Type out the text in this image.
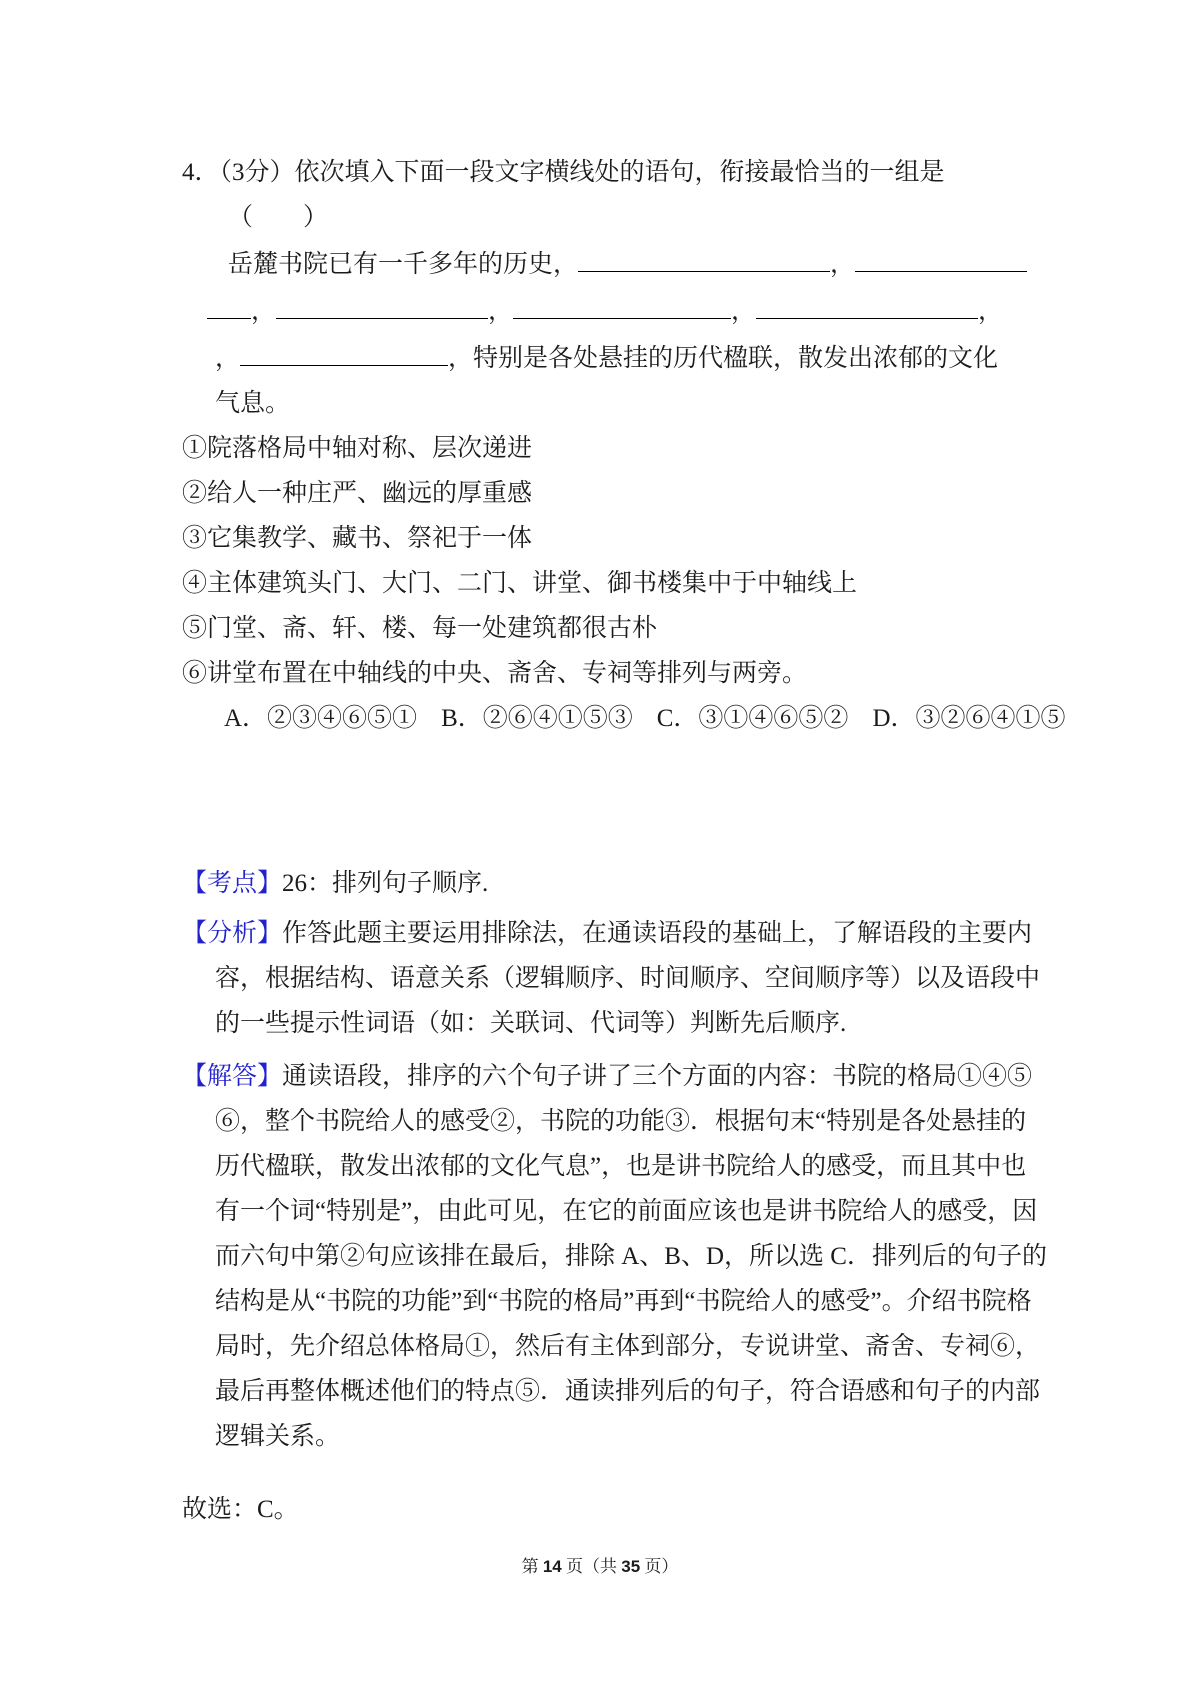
4．（3分）依次填入下面一段文字横线处的语句，衔接最恰当的一组是
（　　）
岳麓书院已有一千多年的历史，	，
，	，	，	，
，	，特别是各处悬挂的历代楹联，散发出浓郁的文化
气息。
①院落格局中轴对称、层次递进
②给人一种庄严、幽远的厚重感
③它集教学、藏书、祭祀于一体
④主体建筑头门、大门、二门、讲堂、御书楼集中于中轴线上
⑤门堂、斋、轩、楼、每一处建筑都很古朴
⑥讲堂布置在中轴线的中央、斋舍、专祠等排列与两旁。
A．②③④⑥⑤① B．②⑥④①⑤③ C．③①④⑥⑤② D．③②⑥④①⑤
【考点】26：排列句子顺序.
【分析】作答此题主要运用排除法，在通读语段的基础上，了解语段的主要内
容，根据结构、语意关系（逻辑顺序、时间顺序、空间顺序等）以及语段中
的一些提示性词语（如：关联词、代词等）判断先后顺序.
【解答】通读语段，排序的六个句子讲了三个方面的内容：书院的格局①④⑤
⑥，整个书院给人的感受②，书院的功能③．根据句末“特别是各处悬挂的
历代楹联，散发出浓郁的文化气息”，也是讲书院给人的感受，而且其中也
有一个词“特别是”，由此可见，在它的前面应该也是讲书院给人的感受，因
而六句中第②句应该排在最后，排除 A、B、D，所以选 C．排列后的句子的
结构是从“书院的功能”到“书院的格局”再到“书院给人的感受”。介绍书院格
局时，先介绍总体格局①，然后有主体到部分，专说讲堂、斋舍、专祠⑥，
最后再整体概述他们的特点⑤．通读排列后的句子，符合语感和句子的内部
逻辑关系。
故选：C。
第 14 页（共 35 页）
